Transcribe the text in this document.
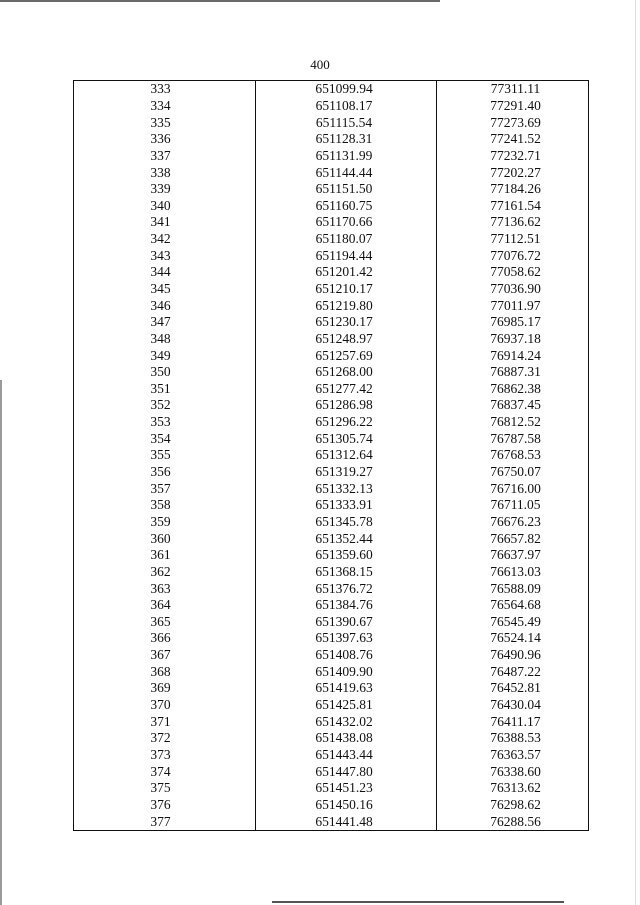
400
333	651099.94	77311.11
334	651108.17	77291.40
335	651115.54	77273.69
336	651128.31	77241.52
337	651131.99	77232.71
338	651144.44	77202.27
339	651151.50	77184.26
340	651160.75	77161.54
341	651170.66	77136.62
342	651180.07	77112.51
343	651194.44	77076.72
344	651201.42	77058.62
345	651210.17	77036.90
346	651219.80	77011.97
347	651230.17	76985.17
348	651248.97	76937.18
349	651257.69	76914.24
350	651268.00	76887.31
351	651277.42	76862.38
352	651286.98	76837.45
353	651296.22	76812.52
354	651305.74	76787.58
355	651312.64	76768.53
356	651319.27	76750.07
357	651332.13	76716.00
358	651333.91	76711.05
359	651345.78	76676.23
360	651352.44	76657.82
361	651359.60	76637.97
362	651368.15	76613.03
363	651376.72	76588.09
364	651384.76	76564.68
365	651390.67	76545.49
366	651397.63	76524.14
367	651408.76	76490.96
368	651409.90	76487.22
369	651419.63	76452.81
370	651425.81	76430.04
371	651432.02	76411.17
372	651438.08	76388.53
373	651443.44	76363.57
374	651447.80	76338.60
375	651451.23	76313.62
376	651450.16	76298.62
377	651441.48	76288.56
